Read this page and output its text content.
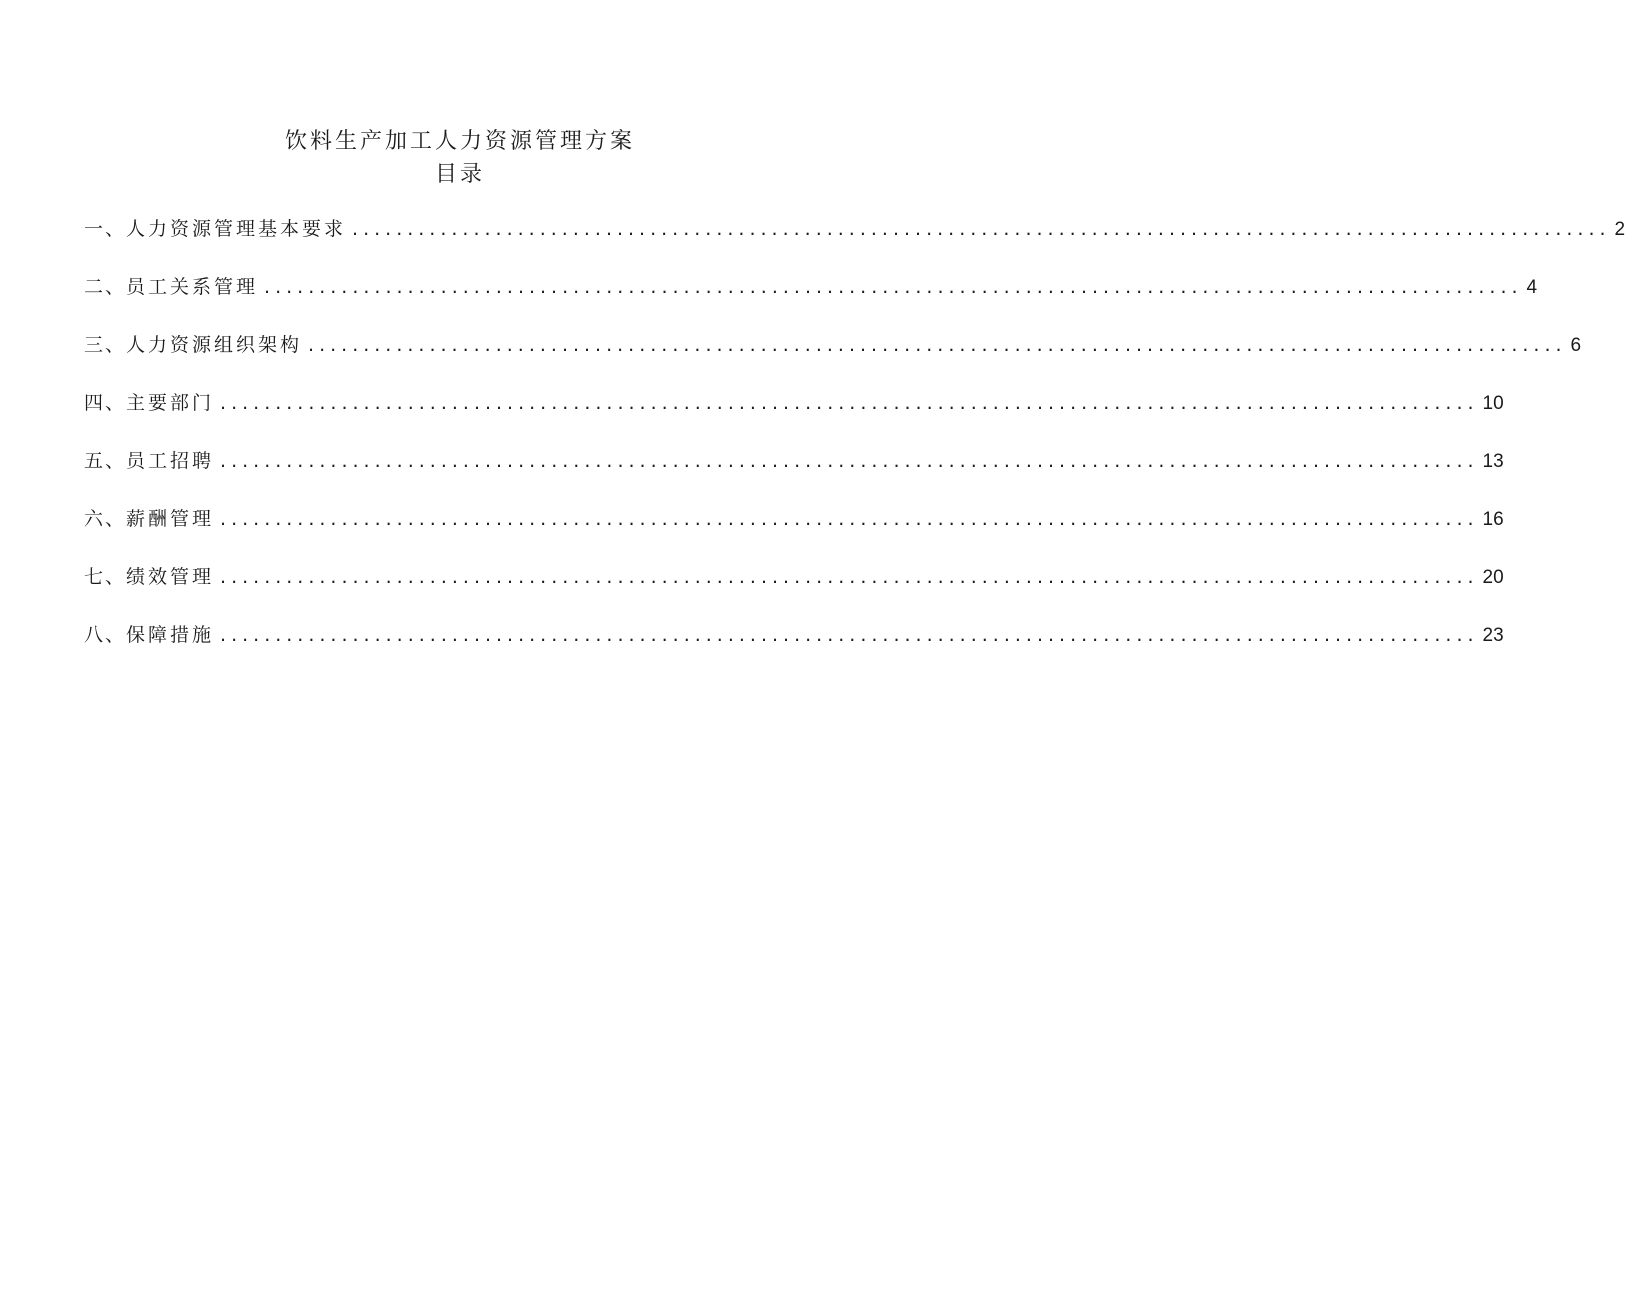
饮料生产加工人力资源管理方案
目录
一、 人力资源管理基本要求 .................................................................................................................. 2
二、 员工关系管理 .................................................................................................................. 4
三、 人力资源组织架构 .................................................................................................................. 6
四、 主要部门 .................................................................................................................. 10
五、 员工招聘 .................................................................................................................. 13
六、 薪酬管理 .................................................................................................................. 16
七、 绩效管理 .................................................................................................................. 20
八、 保障措施 .................................................................................................................. 23
